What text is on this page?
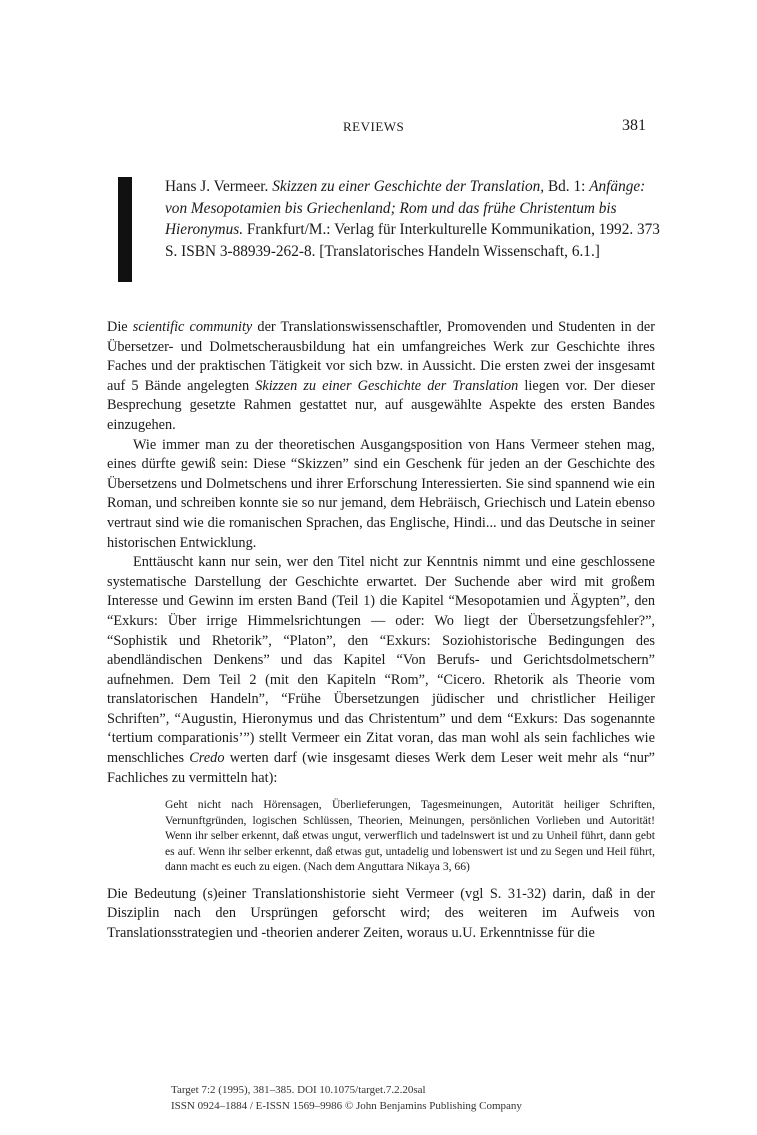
REVIEWS	381
Hans J. Vermeer. Skizzen zu einer Geschichte der Translation, Bd. 1: Anfänge: von Mesopotamien bis Griechenland; Rom und das frühe Christentum bis Hieronymus. Frankfurt/M.: Verlag für Interkulturelle Kommunikation, 1992. 373 S. ISBN 3-88939-262-8. [Translatorisches Handeln Wissenschaft, 6.1.]

Die scientific community der Translationswissenschaftler, Promovenden und Studenten in der Übersetzer- und Dolmetscherausbildung hat ein umfangreiches Werk zur Geschichte ihres Faches und der praktischen Tätigkeit vor sich bzw. in Aussicht. Die ersten zwei der insgesamt auf 5 Bände angelegten Skizzen zu einer Geschichte der Translation liegen vor. Der dieser Besprechung gesetzte Rahmen gestattet nur, auf ausgewählte Aspekte des ersten Bandes einzugehen.

Wie immer man zu der theoretischen Ausgangsposition von Hans Vermeer stehen mag, eines dürfte gewiß sein: Diese “Skizzen” sind ein Geschenk für jeden an der Geschichte des Übersetzens und Dolmetschens und ihrer Erforschung Interessierten. Sie sind spannend wie ein Roman, und schreiben konnte sie so nur jemand, dem Hebräisch, Griechisch und Latein ebenso vertraut sind wie die romanischen Sprachen, das Englische, Hindi... und das Deutsche in seiner historischen Entwicklung.

Enttäuscht kann nur sein, wer den Titel nicht zur Kenntnis nimmt und eine geschlossene systematische Darstellung der Geschichte erwartet. Der Suchende aber wird mit großem Interesse und Gewinn im ersten Band (Teil 1) die Kapitel “Mesopotamien und Ägypten”, den “Exkurs: Über irrige Himmelsrichtungen — oder: Wo liegt der Übersetzungsfehler?”, “Sophistik und Rhetorik”, “Platon”, den “Exkurs: Soziohistorische Bedingungen des abendländischen Denkens” und das Kapitel “Von Berufs- und Gerichtsdolmetschern” aufnehmen. Dem Teil 2 (mit den Kapiteln “Rom”, “Cicero. Rhetorik als Theorie vom translatorischen Handeln”, “Frühe Übersetzungen jüdischer und christlicher Heiliger Schriften”, “Augustin, Hieronymus und das Christentum” und dem “Exkurs: Das sogenannte ‘tertium comparationis’”) stellt Vermeer ein Zitat voran, das man wohl als sein fachliches wie menschliches Credo werten darf (wie insgesamt dieses Werk dem Leser weit mehr als “nur” Fachliches zu vermitteln hat):

Geht nicht nach Hörensagen, Überlieferungen, Tagesmeinungen, Autorität heiliger Schriften, Vernunftgründen, logischen Schlüssen, Theorien, Meinungen, persönlichen Vorlieben und Autorität! Wenn ihr selber erkennt, daß etwas ungut, verwerflich und tadelnswert ist und zu Unheil führt, dann gebt es auf. Wenn ihr selber erkennt, daß etwas gut, untadelig und lobenswert ist und zu Segen und Heil führt, dann macht es euch zu eigen. (Nach dem Anguttara Nikaya 3, 66)

Die Bedeutung (s)einer Translationshistorie sieht Vermeer (vgl S. 31-32) darin, daß in der Disziplin nach den Ursprüngen geforscht wird; des weiteren im Aufweis von Translationsstrategien und -theorien anderer Zeiten, woraus u.U. Erkenntnisse für die

Target 7:2 (1995), 381–385. DOI 10.1075/target.7.2.20sal
ISSN 0924–1884 / E-ISSN 1569–9986 © John Benjamins Publishing Company
